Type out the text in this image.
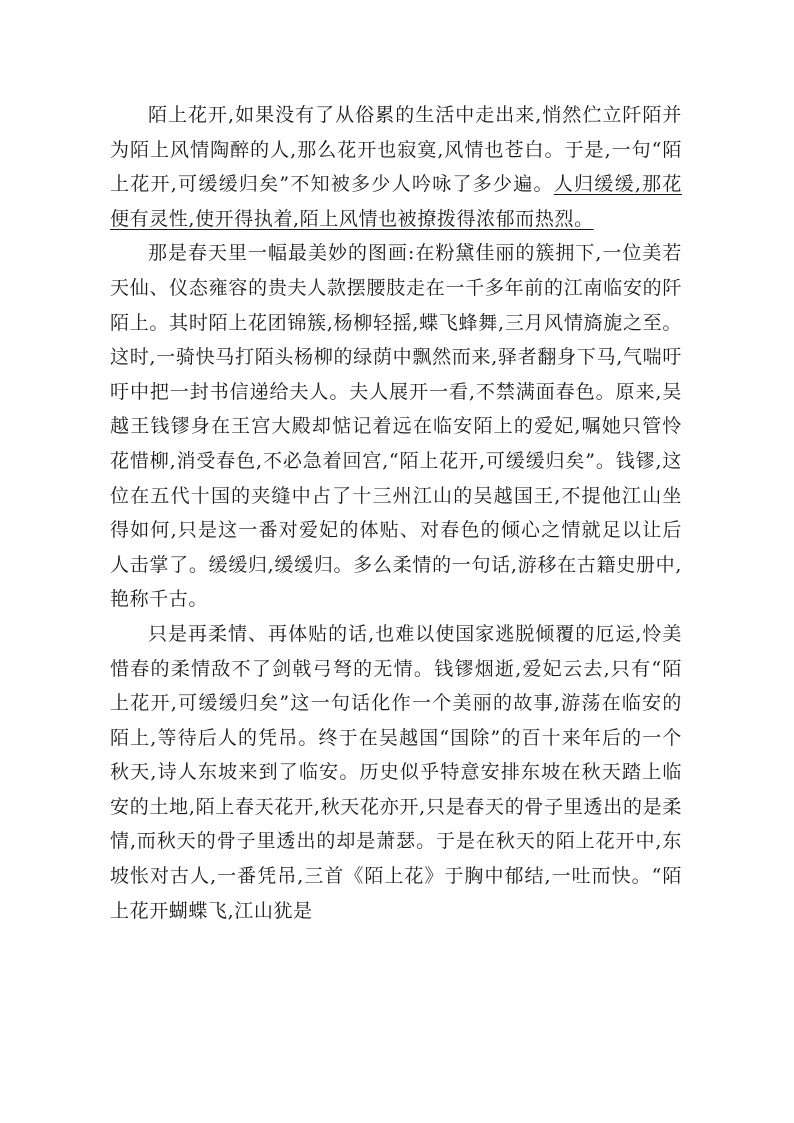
陌上花开,如果没有了从俗累的生活中走出来,悄然伫立阡陌并为陌上风情陶醉的人,那么花开也寂寞,风情也苍白。于是,一句“陌上花开,可缓缓归矣”不知被多少人吟咏了多少遍。人归缓缓,那花便有灵性,使开得执着,陌上风情也被撩拨得浓郁而热烈。

那是春天里一幅最美妙的图画:在粉黛佳丽的簇拥下,一位美若天仙、仪态雍容的贵夫人款摆腰肢走在一千多年前的江南临安的阡陌上。其时陌上花团锦簇,杨柳轻摇,蝶飞蜂舞,三月风情旖旎之至。这时,一骑快马打陌头杨柳的绿荫中飘然而来,驿者翻身下马,气喘吁吁中把一封书信递给夫人。夫人展开一看,不禁满面春色。原来,吴越王钱镠身在王宫大殿却惦记着远在临安陌上的爱妃,嘱她只管怜花惜柳,消受春色,不必急着回宫,“陌上花开,可缓缓归矣”。钱镠,这位在五代十国的夹缝中占了十三州江山的吴越国王,不提他江山坐得如何,只是这一番对爱妃的体贴、对春色的倾心之情就足以让后人击掌了。缓缓归,缓缓归。多么柔情的一句话,游移在古籍史册中,艳称千古。

只是再柔情、再体贴的话,也难以使国家逃脱倾覆的厄运,怜美惜春的柔情敌不了剑戟弓弩的无情。钱镠烟逝,爱妃云去,只有“陌上花开,可缓缓归矣”这一句话化作一个美丽的故事,游荡在临安的陌上,等待后人的凭吊。终于在吴越国“国除”的百十来年后的一个秋天,诗人东坡来到了临安。历史似乎特意安排东坡在秋天踏上临安的土地,陌上春天花开,秋天花亦开,只是春天的骨子里透出的是柔情,而秋天的骨子里透出的却是萧瑟。于是在秋天的陌上花开中,东坡怅对古人,一番凭吊,三首《陌上花》于胸中郁结,一吐而快。“陌上花开蝴蝶飞,江山犹是
